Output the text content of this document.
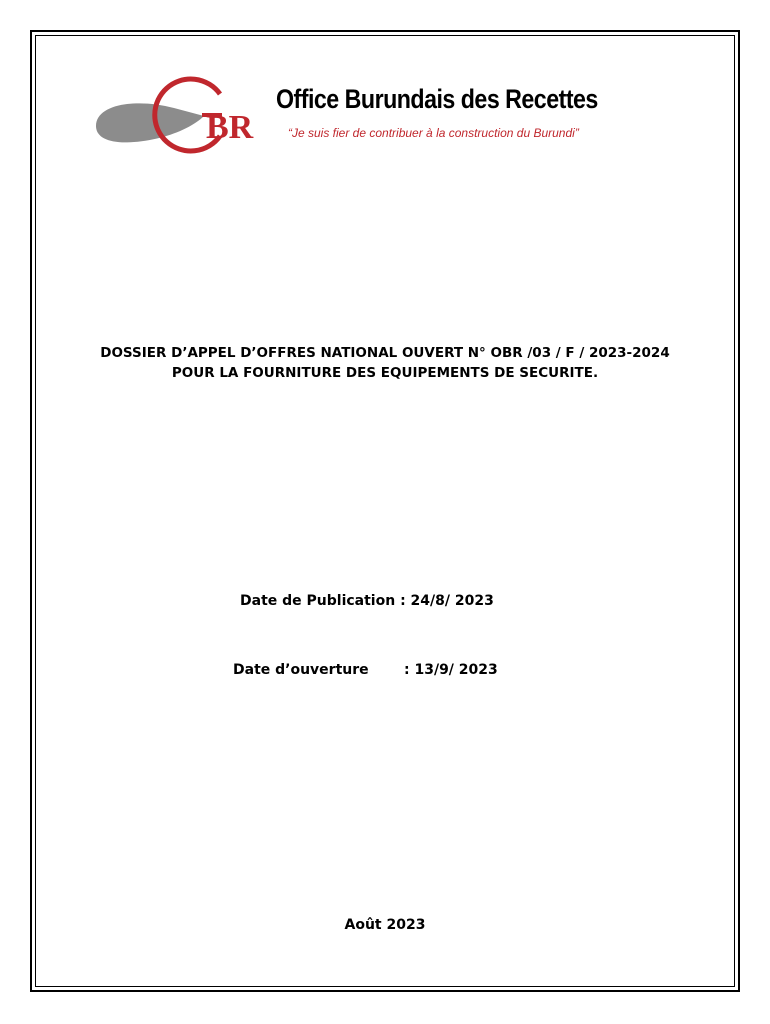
BR
Office Burundais des Recettes
“Je suis fier de contribuer à la construction du Burundi”
DOSSIER D’APPEL D’OFFRES NATIONAL OUVERT N° OBR /03 / F / 2023-2024
POUR LA FOURNITURE DES EQUIPEMENTS DE SECURITE.
Date de Publication : 24/8/ 2023
Date d’ouverture	: 13/9/ 2023
Août 2023
